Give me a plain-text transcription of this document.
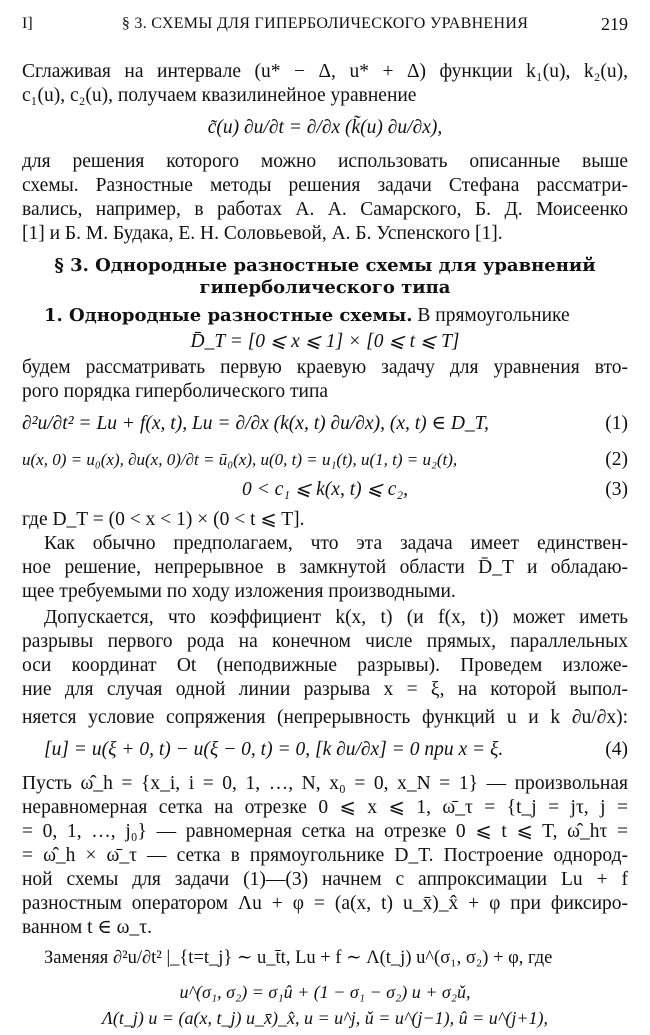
I]	§ 3. СХЕМЫ ДЛЯ ГИПЕРБОЛИЧЕСКОГО УРАВНЕНИЯ	219
Сглаживая на интервале (u* − Δ, u* + Δ) функции k₁(u), k₂(u),
c₁(u), c₂(u), получаем квазилинейное уравнение
c̃(u) ∂u/∂t = ∂/∂x (k̃(u) ∂u/∂x),
для решения которого можно использовать описанные выше
схемы. Разностные методы решения задачи Стефана рассматри-
вались, например, в работах А. А. Самарского, Б. Д. Моисеенко
[1] и Б. М. Будака, Е. Н. Соловьевой, А. Б. Успенского [1].
§ 3. Однородные разностные схемы для уравнений
гиперболического типа
1. Однородные разностные схемы. В прямоугольнике
D̄_T = [0 ⩽ x ⩽ 1] × [0 ⩽ t ⩽ T]
будем рассматривать первую краевую задачу для уравнения вто-
рого порядка гиперболического типа
∂²u/∂t² = Lu + f(x, t), Lu = ∂/∂x (k(x, t) ∂u/∂x), (x, t) ∈ D_T,	(1)
u(x, 0) = u₀(x), ∂u(x, 0)/∂t = ū₀(x), u(0, t) = u₁(t), u(1, t) = u₂(t),	(2)
0 < c₁ ⩽ k(x, t) ⩽ c₂,	(3)
где D_T = (0 < x < 1) × (0 < t ⩽ T].
Как обычно предполагаем, что эта задача имеет единствен-
ное решение, непрерывное в замкнутой области D̄_T и обладаю-
щее требуемыми по ходу изложения производными.
Допускается, что коэффициент k(x, t) (и f(x, t)) может иметь
разрывы первого рода на конечном числе прямых, параллельных
оси координат Ot (неподвижные разрывы). Проведем изложе-
ние для случая одной линии разрыва x = ξ, на которой выпол-
няется условие сопряжения (непрерывность функций u и k ∂u/∂x):
[u] = u(ξ + 0, t) − u(ξ − 0, t) = 0, [k ∂u/∂x] = 0 при x = ξ.	(4)
Пусть ω̂_h = {x_i, i = 0, 1, …, N, x₀ = 0, x_N = 1} — произвольная
неравномерная сетка на отрезке 0 ⩽ x ⩽ 1, ω̄_τ = {t_j = jτ, j =
= 0, 1, …, j₀} — равномерная сетка на отрезке 0 ⩽ t ⩽ T, ω̂_hτ =
= ω̂_h × ω̄_τ — сетка в прямоугольнике D_T. Построение однород-
ной схемы для задачи (1)—(3) начнем с аппроксимации Lu + f
разностным оператором Λu + φ = (a(x, t) u_x̄)_x̂ + φ при фиксиро-
ванном t ∈ ω_τ.
Заменяя ∂²u/∂t² |_{t=t_j} ∼ u_t̄t, Lu + f ∼ Λ(t_j) u^(σ₁, σ₂) + φ, где
u^(σ₁, σ₂) = σ₁û + (1 − σ₁ − σ₂) u + σ₂ǔ,
Λ(t_j) u = (a(x, t_j) u_x̄)_x̂, u = u^j, ǔ = u^(j−1), û = u^(j+1),
